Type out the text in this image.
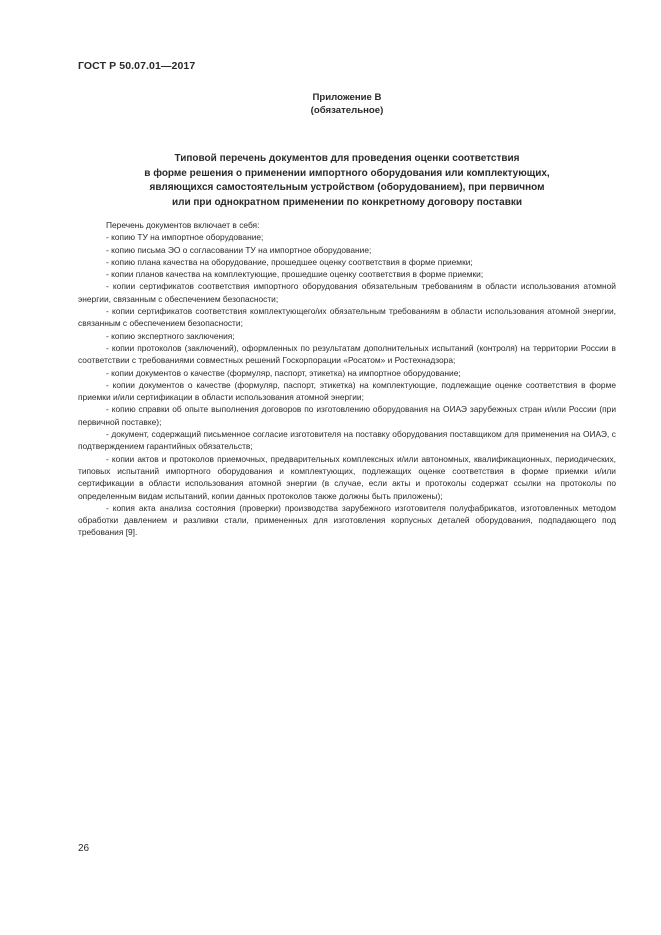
ГОСТ Р 50.07.01—2017
Приложение В
(обязательное)
Типовой перечень документов для проведения оценки соответствия
в форме решения о применении импортного оборудования или комплектующих,
являющихся самостоятельным устройством (оборудованием), при первичном
или при однократном применении по конкретному договору поставки

Перечень документов включает в себя:

- копию ТУ на импортное оборудование;

- копию письма ЭО о согласовании ТУ на импортное оборудование;

- копию плана качества на оборудование, прошедшее оценку соответствия в форме приемки;

- копии планов качества на комплектующие, прошедшие оценку соответствия в форме приемки;

- копии сертификатов соответствия импортного оборудования обязательным требованиям в области использования атомной энергии, связанным с обеспечением безопасности;

- копии сертификатов соответствия комплектующего/их обязательным требованиям в области использования атомной энергии, связанным с обеспечением безопасности;

- копию экспертного заключения;

- копии протоколов (заключений), оформленных по результатам дополнительных испытаний (контроля) на территории России в соответствии с требованиями совместных решений Госкорпорации «Росатом» и Ростехнадзора;

- копии документов о качестве (формуляр, паспорт, этикетка) на импортное оборудование;

- копии документов о качестве (формуляр, паспорт, этикетка) на комплектующие, подлежащие оценке соответствия в форме приемки и/или сертификации в области использования атомной энергии;

- копию справки об опыте выполнения договоров по изготовлению оборудования на ОИАЭ зарубежных стран и/или России (при первичной поставке);

- документ, содержащий письменное согласие изготовителя на поставку оборудования поставщиком для применения на ОИАЭ, с подтверждением гарантийных обязательств;

- копии актов и протоколов приемочных, предварительных комплексных и/или автономных, квалификационных, периодических, типовых испытаний импортного оборудования и комплектующих, подлежащих оценке соответствия в форме приемки и/или сертификации в области использования атомной энергии (в случае, если акты и протоколы содержат ссылки на протоколы по определенным видам испытаний, копии данных протоколов также должны быть приложены);

- копия акта анализа состояния (проверки) производства зарубежного изготовителя полуфабрикатов, изготовленных методом обработки давлением и разливки стали, примененных для изготовления корпусных деталей оборудования, подпадающего под требования [9].

26
